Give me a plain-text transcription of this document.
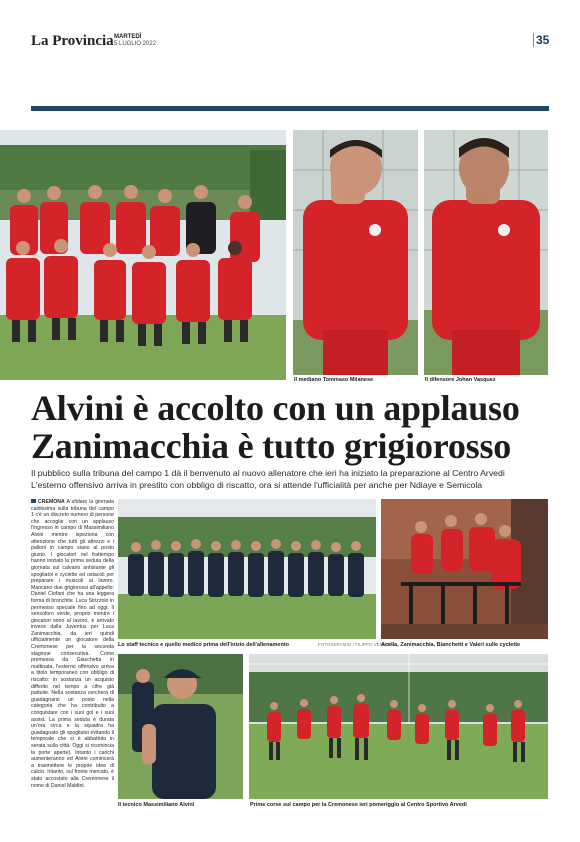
La Provincia MARTEDÌ
5 LUGLIO 2022	35
Il mediano Tommaso Milanese	Il difensore Johan Vasquez
Alvini è accolto con un applauso
Zanimacchia è tutto grigiorosso
Il pubblico sulla tribuna del campo 1 dà il benvenuto al nuovo allenatore che ieri ha iniziato la preparazione al Centro Arvedi
L'esterno offensivo arriva in prestito con obbligo di riscatto, ora si attende l'ufficialità per anche per Ndiaye e Semicola

CREMONA A sfidare la giornata caldissima sulla tribuna del campo 1 c'è un discreto numero di persone che accoglie con un applauso l'ingresso in campo di Massimiliano Alvini mentre ispeziona con attenzione che tutti gli attrezzi e i palloni in campo siano al posto giusto. I giocatori nel frattempo hanno iniziato la prima seduta della giornata sul calvario antistante gli spogliatoi e cyclette ed ostacoli per preparare i muscoli al lavoro. Mancano due grigiorossi all'appello: Daniel Ciofani che ha una leggera forma di bronchite. Luca Strizzolo in permesso speciale fino ad oggi. Il sensoforo verde, proprio mentre i giocatori sono al lavoro, è arrivato invece dalla Juventus per Luca Zanimacchia, da ieri quindi ufficialmente un giocatore della Cremonese per la seconda stagione consecutiva. Come premessa da Giacchetta in mattinata, l'esterno offensivo arriva a titolo temporaneo con obbligo di riscatto: in sostanza un acquisto differito nel tempo a cifre già pattuite. Nella sostanza cercherà di guadagnarsi un posto nella categoria che ha contribuito a conquistare con i suoi gol e i suoi assist. La prima seduta è durata un'ora circa e la squadra ha guadagnato gli spogliatoi evitando il temporale che si è abbattuto in serata sulla città. Oggi si ricomincia la porte aperte). Intanto i carichi aumenteranno ed Alvini comincerà a trasmettere le proprie idee di calcio. Intanto, sul fronte mercato, è stato accostato alla Cremonese il nome di Daniel Maldini.

Lo staff tecnico e quello medico prima dell'inizio dell'allenamento	FOTOSERVIZIO / FILIPPO VENEZIA
Acella, Zanimacchia, Bianchetti e Valeri sulle cyclette
Il tecnico Massimiliano Alvini	Prime corse sul campo per la Cremonese ieri pomeriggio al Centro Sportivo Arvedi
